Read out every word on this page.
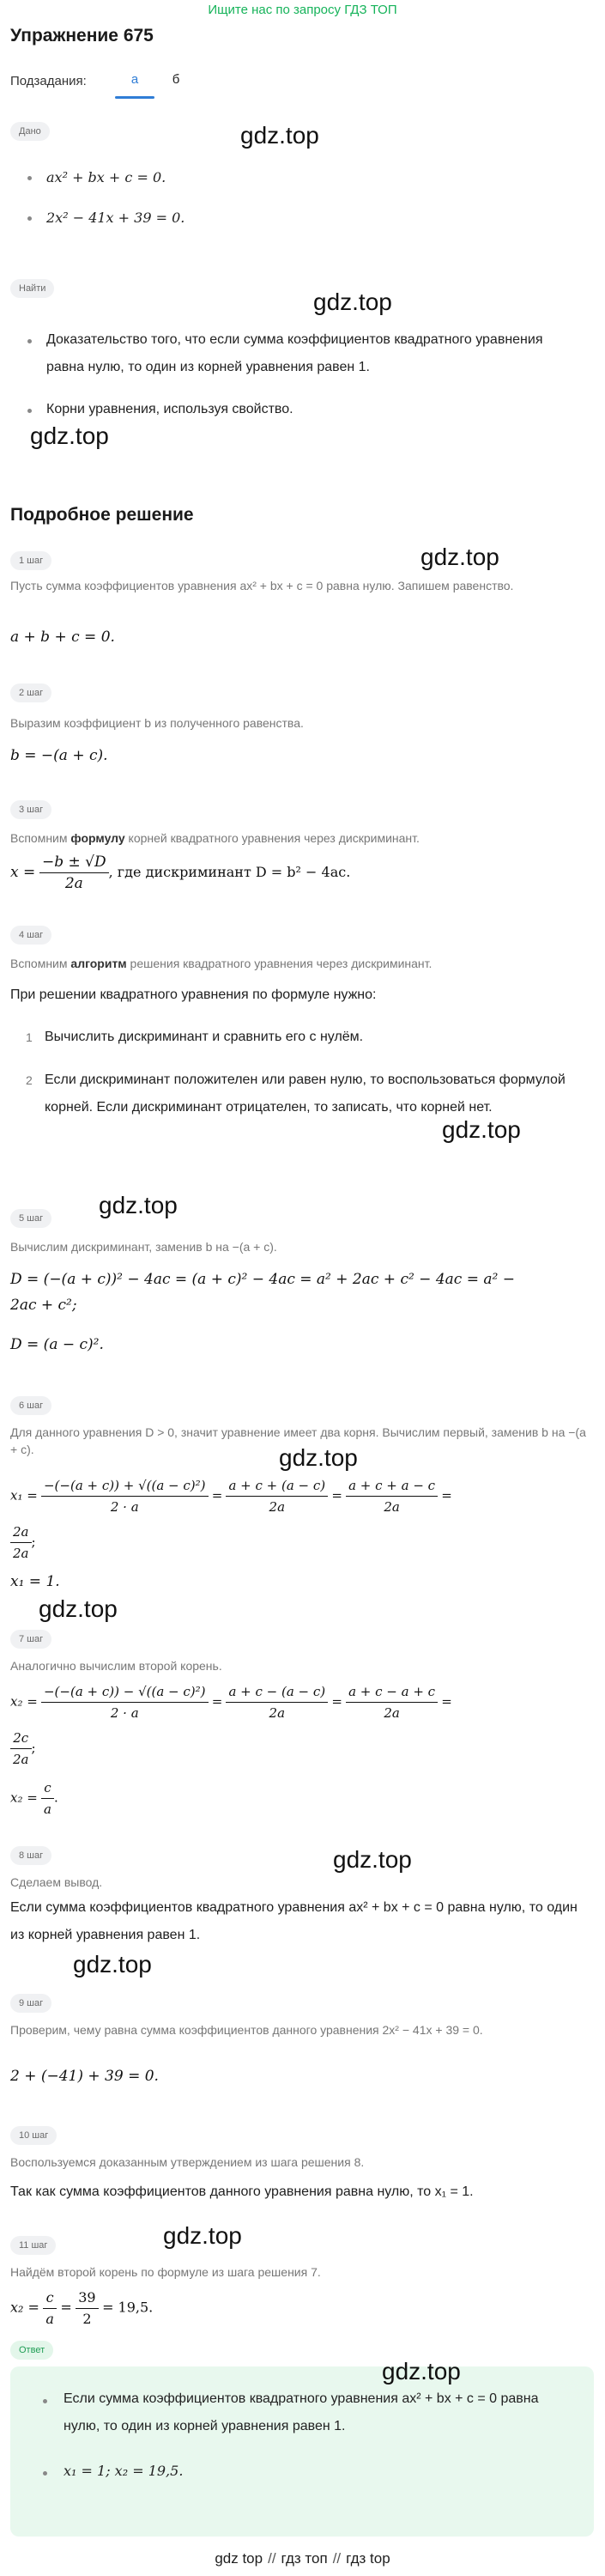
Ищите нас по запросу ГДЗ ТОП
Упражнение 675
Подзадания:	а	б
Дано	gdz.top
ax² + bx + c = 0.
2x² − 41x + 39 = 0.
Найти	gdz.top
Доказательство того, что если сумма коэффициентов квадратного уравнения равна нулю, то один из корней уравнения равен 1.
Корни уравнения, используя свойство.
gdz.top
Подробное решение
1 шаг	gdz.top
Пусть сумма коэффициентов уравнения ax² + bx + c = 0 равна нулю. Запишем равенство.
a + b + c = 0.
2 шаг
Выразим коэффициент b из полученного равенства.
b = −(a + c).
3 шаг
Вспомним формулу корней квадратного уравнения через дискриминант.
$x = \frac{-b \pm √D}{2a}$ , где дискриминант D = b² − 4ac.
4 шаг
Вспомним алгоритм решения квадратного уравнения через дискриминант.
При решении квадратного уравнения по формуле нужно:
1 Вычислить дискриминант и сравнить его с нулём.
2 Если дискриминант положителен или равен нулю, то воспользоваться формулой корней. Если дискриминант отрицателен, то записать, что корней нет.
gdz.top
gdz.top
5 шаг
Вычислим дискриминант, заменив b на −(a + c).
D = (−(a + c))² − 4ac = (a + c)² − 4ac = a² + 2ac + c² − 4ac = a² −
2ac + c²;
D = (a − c)².
6 шаг
Для данного уравнения D > 0, значит уравнение имеет два корня. Вычислим первый, заменив b на −(a + c).	gdz.top
$x_1 = \frac{\text{−(−(a + c)) + √((a − c)²)}}{2 \cdot a} = \frac{a + c + (a - c)}{2a} = \frac{a + c + a - c}{2a}$ =
$\frac{2a}{2a}$ ;
x₁ = 1.
gdz.top
7 шаг
Аналогично вычислим второй корень.
$x_2 = \frac{\text{−(−(a + c)) − √((a − c)²)}}{2 \cdot a} = \frac{a + c - (a - c)}{2a} = \frac{a + c - a + c}{2a}$ =
$\frac{2c}{2a}$ ;
$x_2 = \frac{c}{a}$ .
gdz.top
8 шаг
Сделаем вывод.
Если сумма коэффициентов квадратного уравнения ax² + bx + c = 0 равна нулю, то один из корней уравнения равен 1.
gdz.top
9 шаг
Проверим, чему равна сумма коэффициентов данного уравнения 2x² − 41x + 39 = 0.
2 + (−41) + 39 = 0.
10 шаг
Воспользуемся доказанным утверждением из шага решения 8.
Так как сумма коэффициентов данного уравнения равна нулю, то x₁ = 1.
gdz.top
11 шаг
Найдём второй корень по формуле из шага решения 7.
$x_2 = \frac{c}{a} = \frac{39}{2} = 19,5$.
Ответ
gdz.top
Если сумма коэффициентов квадратного уравнения ax² + bx + c = 0 равна нулю, то один из корней уравнения равен 1.
x₁ = 1; x₂ = 19,5.
gdz top // гдз топ // гдз top
